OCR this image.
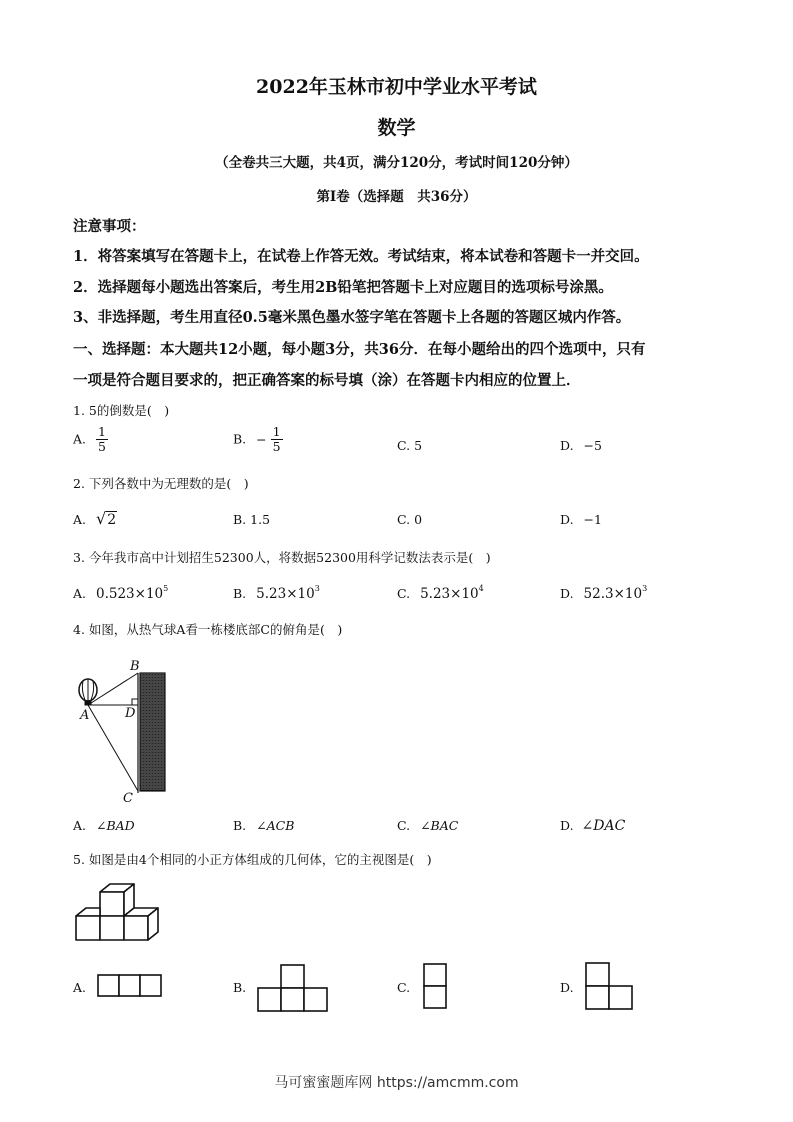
2022年玉林市初中学业水平考试
数学
（全卷共三大题，共4页，满分120分，考试时间120分钟）
第Ⅰ卷（选择题　共36分）
注意事项：
1．将答案填写在答题卡上，在试卷上作答无效。考试结束，将本试卷和答题卡一并交回。
2．选择题每小题选出答案后，考生用2B铅笔把答题卡上对应题目的选项标号涂黑。
3、非选择题，考生用直径0.5毫米黑色墨水签字笔在答题卡上各题的答题区城内作答。
一、选择题：本大题共12小题，每小题3分，共36分．在每小题给出的四个选项中，只有
一项是符合题目要求的，把正确答案的标号填（涂）在答题卡内相应的位置上．
1. 5的倒数是(　)
A. $\frac{1}{5}$	B. − $\frac{1}{5}$	C. 5	D. −5
2. 下列各数中为无理数的是(　)
A. √2	B. 1.5	C. 0	D. −1
3. 今年我市高中计划招生52300人，将数据52300用科学记数法表示是(　)
A. $0.523\times 10^5$	B. $5.23\times 10^3$	C. $5.23\times 10^4$	D. $52.3\times 10^3$
4. 如图，从热气球A看一栋楼底部C的俯角是(　)
B
A	D
C
A. ∠BAD	B. ∠ACB	C. ∠BAC	D. ∠DAC
5. 如图是由4个相同的小正方体组成的几何体，它的主视图是(　)
A.	B.	C.	D.
马可蜜蜜题库网 https://amcmm.com
